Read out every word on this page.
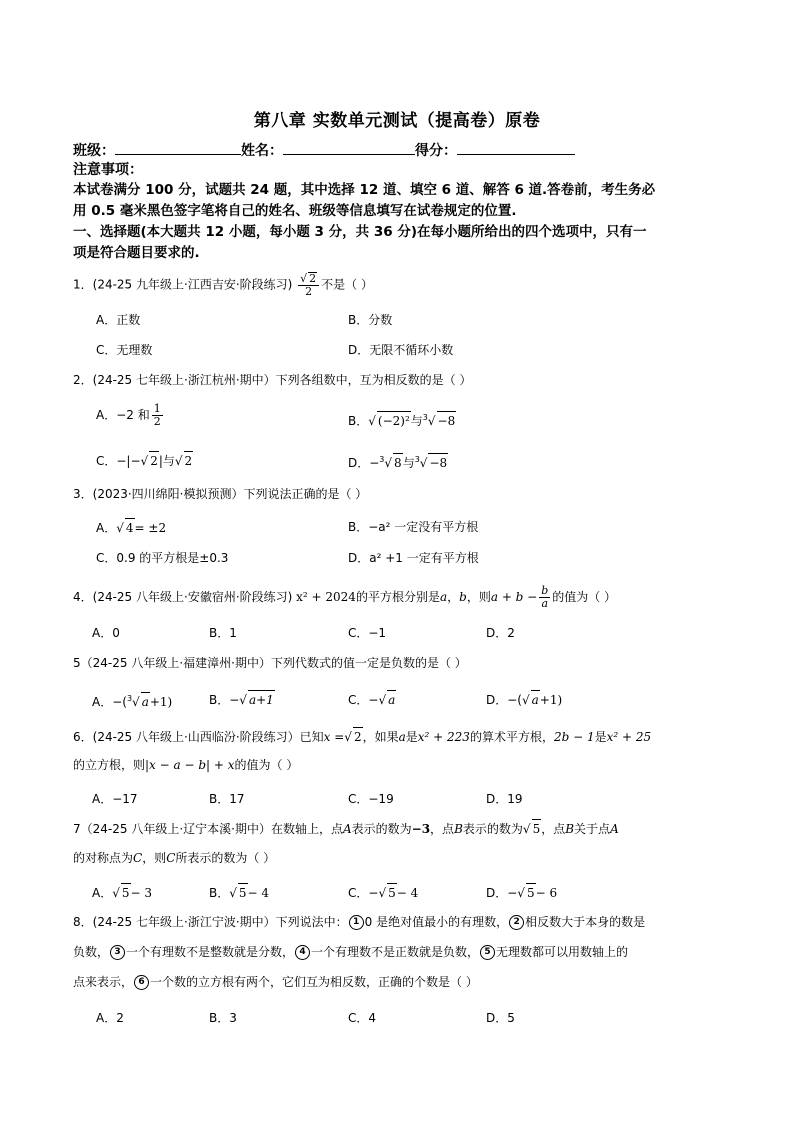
第八章 实数单元测试（提高卷）原卷
班级：	姓名：	得分：
注意事项：
本试卷满分 100 分，试题共 24 题，其中选择 12 道、填空 6 道、解答 6 道.答卷前，考生务必
用 0.5 毫米黑色签字笔将自己的姓名、班级等信息填写在试卷规定的位置.
一、选择题(本大题共 12 小题，每小题 3 分，共 36 分)在每小题所给出的四个选项中，只有一
项是符合题目要求的.
1．(24-25 九年级上·江西吉安·阶段练习) $\frac{√ 2}{2}$ 不是（ ）
A．正数	B．分数
C．无理数	D．无限不循环小数
2．(24-25 七年级上·浙江杭州·期中）下列各组数中，互为相反数的是（ ）
A．−2 和 $\frac{1}{2}$	B．√ (−2)²与$^3$√ −8
C．−|−√ 2|与√ 2	D．−$^3$√ 8与$^3$√ −8
3．(2023·四川绵阳·模拟预测）下列说法正确的是（ ）
A．√ 4= ±2	B．−a² 一定没有平方根
C．0.9 的平方根是±0.3	D．a² +1 一定有平方根
4．(24-25 八年级上·安徽宿州·阶段练习) x² + 2024的平方根分别是a，b，则$a + b - \frac{b}{a}$ 的值为（ ）
A．0	B．1	C．−1	D．2
5（24-25 八年级上·福建漳州·期中）下列代数式的值一定是负数的是（ ）
A．−($^3$√ a+1)	B．−√ a+1	C．−√ a	D．−(√ a+1)
6．(24-25 八年级上·山西临汾·阶段练习）已知x =√ 2，如果a是x² + 223的算术平方根，2b − 1是x² + 25
的立方根，则|x − a − b| + x的值为（ ）
A．−17	B．17	C．−19	D．19
7（24-25 八年级上·辽宁本溪·期中）在数轴上，点A表示的数为−3，点B表示的数为√ 5，点B关于点A
的对称点为C，则C所表示的数为（ ）
A．√ 5− 3	B．√ 5− 4	C．−√ 5− 4	D．−√ 5− 6
8．(24-25 七年级上·浙江宁波·期中）下列说法中： 1 0 是绝对值最小的有理数， 2 相反数大于本身的数是
负数， 3 一个有理数不是整数就是分数， 4 一个有理数不是正数就是负数， 5 无理数都可以用数轴上的
点来表示， 6 一个数的立方根有两个，它们互为相反数，正确的个数是（ ）
A．2	B．3	C．4	D．5
